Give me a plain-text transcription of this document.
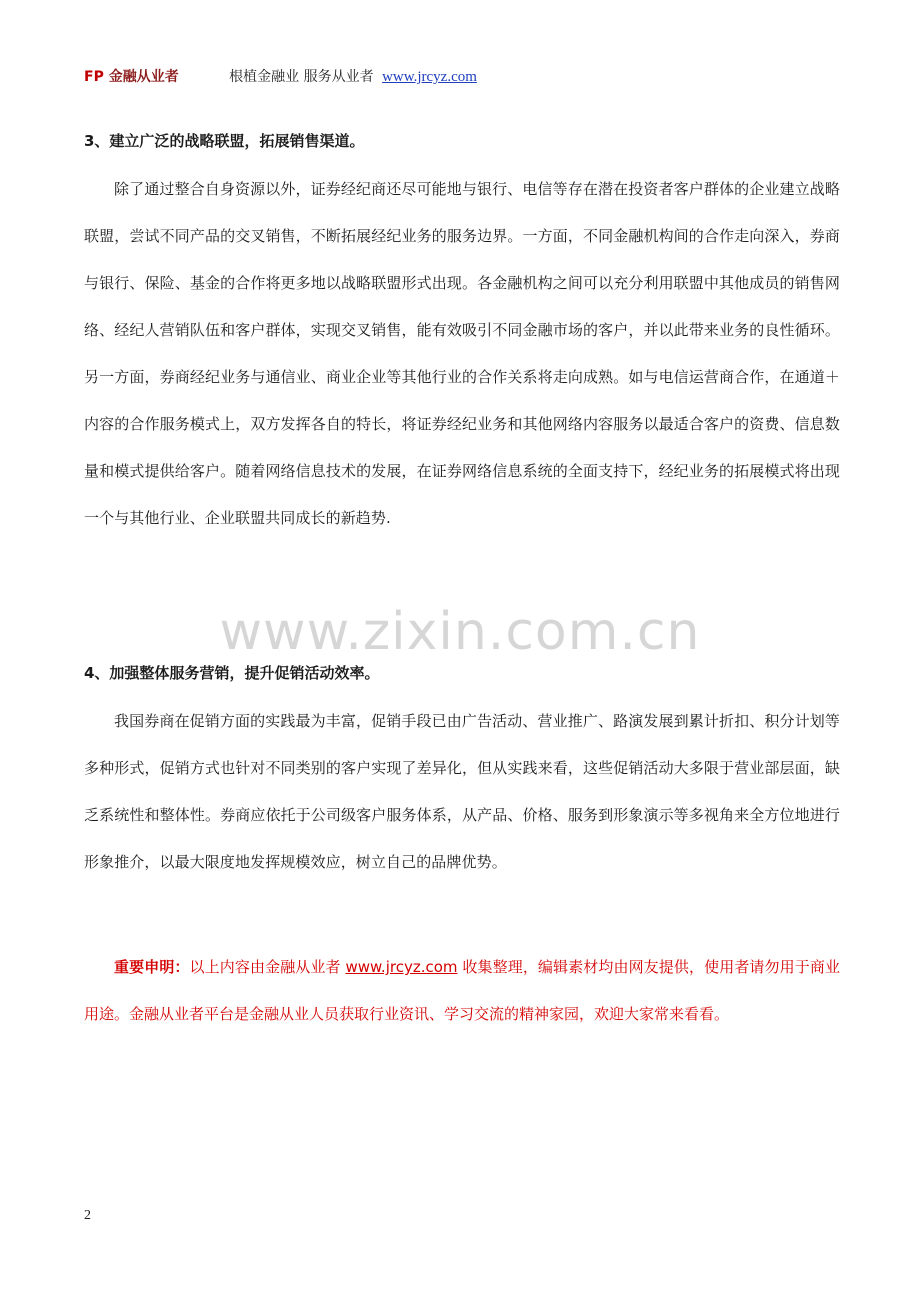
FP 金融从业者	根植金融业 服务从业者 www.jrcyz.com
3、建立广泛的战略联盟，拓展销售渠道。

除了通过整合自身资源以外，证券经纪商还尽可能地与银行、电信等存在潜在投资者客户群体的企业建立战略联盟，尝试不同产品的交叉销售，不断拓展经纪业务的服务边界。一方面，不同金融机构间的合作走向深入，券商与银行、保险、基金的合作将更多地以战略联盟形式出现。各金融机构之间可以充分利用联盟中其他成员的销售网络、经纪人营销队伍和客户群体，实现交叉销售，能有效吸引不同金融市场的客户，并以此带来业务的良性循环。另一方面，券商经纪业务与通信业、商业企业等其他行业的合作关系将走向成熟。如与电信运营商合作，在通道＋内容的合作服务模式上，双方发挥各自的特长，将证券经纪业务和其他网络内容服务以最适合客户的资费、信息数量和模式提供给客户。随着网络信息技术的发展，在证券网络信息系统的全面支持下，经纪业务的拓展模式将出现一个与其他行业、企业联盟共同成长的新趋势.

www.zixin.com.cn
4、加强整体服务营销，提升促销活动效率。

我国券商在促销方面的实践最为丰富，促销手段已由广告活动、营业推广、路演发展到累计折扣、积分计划等多种形式，促销方式也针对不同类别的客户实现了差异化，但从实践来看，这些促销活动大多限于营业部层面，缺乏系统性和整体性。券商应依托于公司级客户服务体系，从产品、价格、服务到形象演示等多视角来全方位地进行形象推介，以最大限度地发挥规模效应，树立自己的品牌优势。

重要申明：以上内容由金融从业者 www.jrcyz.com 收集整理，编辑素材均由网友提供，使用者请勿用于商业用途。金融从业者平台是金融从业人员获取行业资讯、学习交流的精神家园，欢迎大家常来看看。

2
